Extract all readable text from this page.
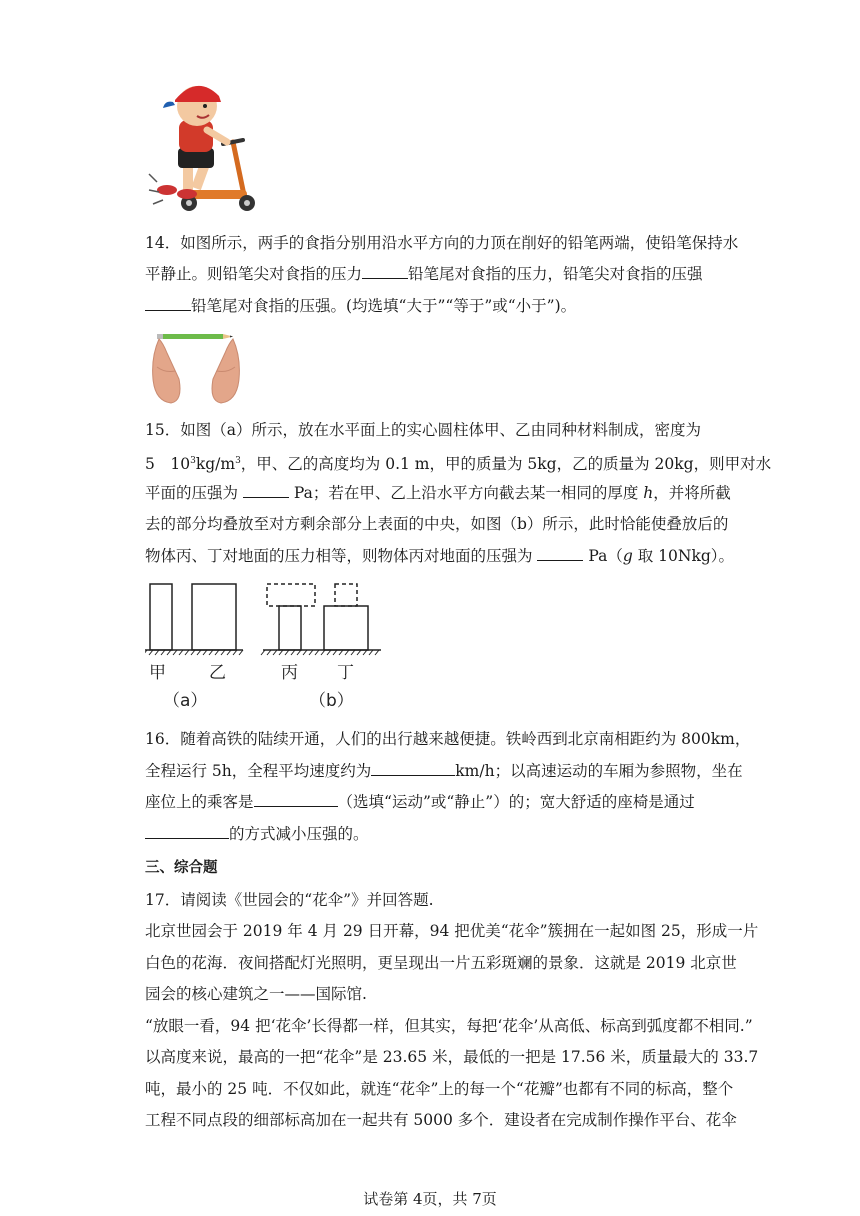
14．如图所示，两手的食指分别用沿水平方向的力顶在削好的铅笔两端，使铅笔保持水
平静止。则铅笔尖对食指的压力	铅笔尾对食指的压力，铅笔尖对食指的压强
铅笔尾对食指的压强。(均选填“大于”“等于”或“小于”)。
15．如图（a）所示，放在水平面上的实心圆柱体甲、乙由同种材料制成，密度为
5　$10^3kg/m^3$，甲、乙的高度均为 0.1 m，甲的质量为 5kg，乙的质量为 20kg，则甲对水
平面的压强为	Pa；若在甲、乙上沿水平方向截去某一相同的厚度 h，并将所截
去的部分均叠放至对方剩余部分上表面的中央，如图（b）所示，此时恰能使叠放后的
物体丙、丁对地面的压力相等，则物体丙对地面的压强为	Pa（g 取 10Nkg）。
甲	乙	丙 丁
（a）	（b）
16．随着高铁的陆续开通，人们的出行越来越便捷。铁岭西到北京南相距约为 800km，
全程运行 5h，全程平均速度约为	km/h；以高速运动的车厢为参照物，坐在
座位上的乘客是	（选填“运动”或“静止”）的；宽大舒适的座椅是通过
的方式减小压强的。
三、综合题
17．请阅读《世园会的“花伞”》并回答题.
北京世园会于 2019 年 4 月 29 日开幕，94 把优美“花伞”簇拥在一起如图 25，形成一片
白色的花海．夜间搭配灯光照明，更呈现出一片五彩斑斓的景象．这就是 2019 北京世
园会的核心建筑之一——国际馆.
“放眼一看，94 把‘花伞’长得都一样，但其实，每把‘花伞’从高低、标高到弧度都不相同.”
以高度来说，最高的一把“花伞”是 23.65 米，最低的一把是 17.56 米，质量最大的 33.7
吨，最小的 25 吨．不仅如此，就连“花伞”上的每一个“花瓣”也都有不同的标高，整个
工程不同点段的细部标高加在一起共有 5000 多个．建设者在完成制作操作平台、花伞
试卷第 4页，共 7页
